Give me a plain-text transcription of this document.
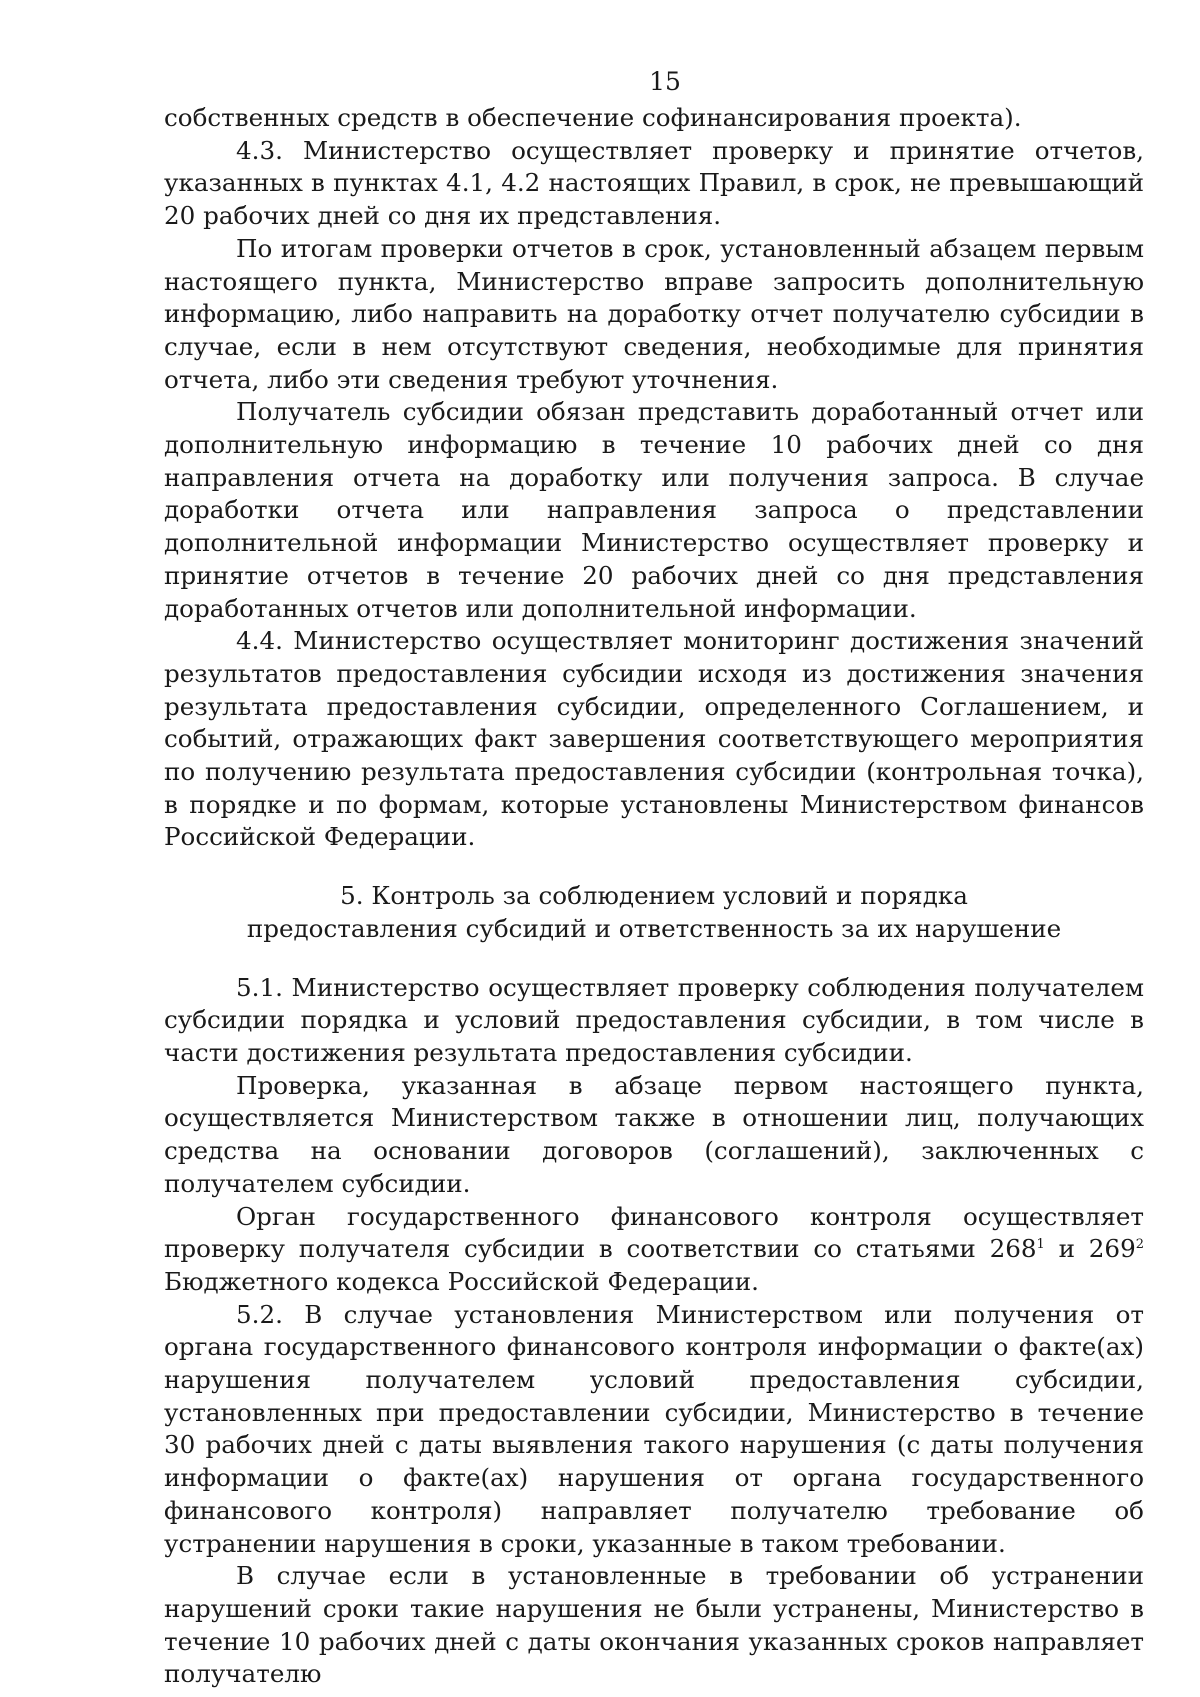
15

собственных средств в обеспечение софинансирования проекта).

4.3. Министерство осуществляет проверку и принятие отчетов, указанных в пунктах 4.1, 4.2 настоящих Правил, в срок, не превышающий 20 рабочих дней со дня их представления.

По итогам проверки отчетов в срок, установленный абзацем первым настоящего пункта, Министерство вправе запросить дополнительную информацию, либо направить на доработку отчет получателю субсидии в случае, если в нем отсутствуют сведения, необходимые для принятия отчета, либо эти сведения требуют уточнения.

Получатель субсидии обязан представить доработанный отчет или дополнительную информацию в течение 10 рабочих дней со дня направления отчета на доработку или получения запроса. В случае доработки отчета или направления запроса о представлении дополнительной информации Министерство осуществляет проверку и принятие отчетов в течение 20 рабочих дней со дня представления доработанных отчетов или дополнительной информации.

4.4. Министерство осуществляет мониторинг достижения значений результатов предоставления субсидии исходя из достижения значения результата предоставления субсидии, определенного Соглашением, и событий, отражающих факт завершения соответствующего мероприятия по получению результата предоставления субсидии (контрольная точка), в порядке и по формам, которые установлены Министерством финансов Российской Федерации.

5. Контроль за соблюдением условий и порядка
предоставления субсидий и ответственность за их нарушение

5.1. Министерство осуществляет проверку соблюдения получателем субсидии порядка и условий предоставления субсидии, в том числе в части достижения результата предоставления субсидии.

Проверка, указанная в абзаце первом настоящего пункта, осуществляется Министерством также в отношении лиц, получающих средства на основании договоров (соглашений), заключенных с получателем субсидии.

Орган государственного финансового контроля осуществляет проверку получателя субсидии в соответствии со статьями $268^1$ и $269^2$ Бюджетного кодекса Российской Федерации.

5.2. В случае установления Министерством или получения от органа государственного финансового контроля информации о факте(ах) нарушения получателем условий предоставления субсидии, установленных при предоставлении субсидии, Министерство в течение 30 рабочих дней с даты выявления такого нарушения (с даты получения информации о факте(ах) нарушения от органа государственного финансового контроля) направляет получателю требование об устранении нарушения в сроки, указанные в таком требовании.

В случае если в установленные в требовании об устранении нарушений сроки такие нарушения не были устранены, Министерство в течение 10 рабочих дней с даты окончания указанных сроков направляет получателю
